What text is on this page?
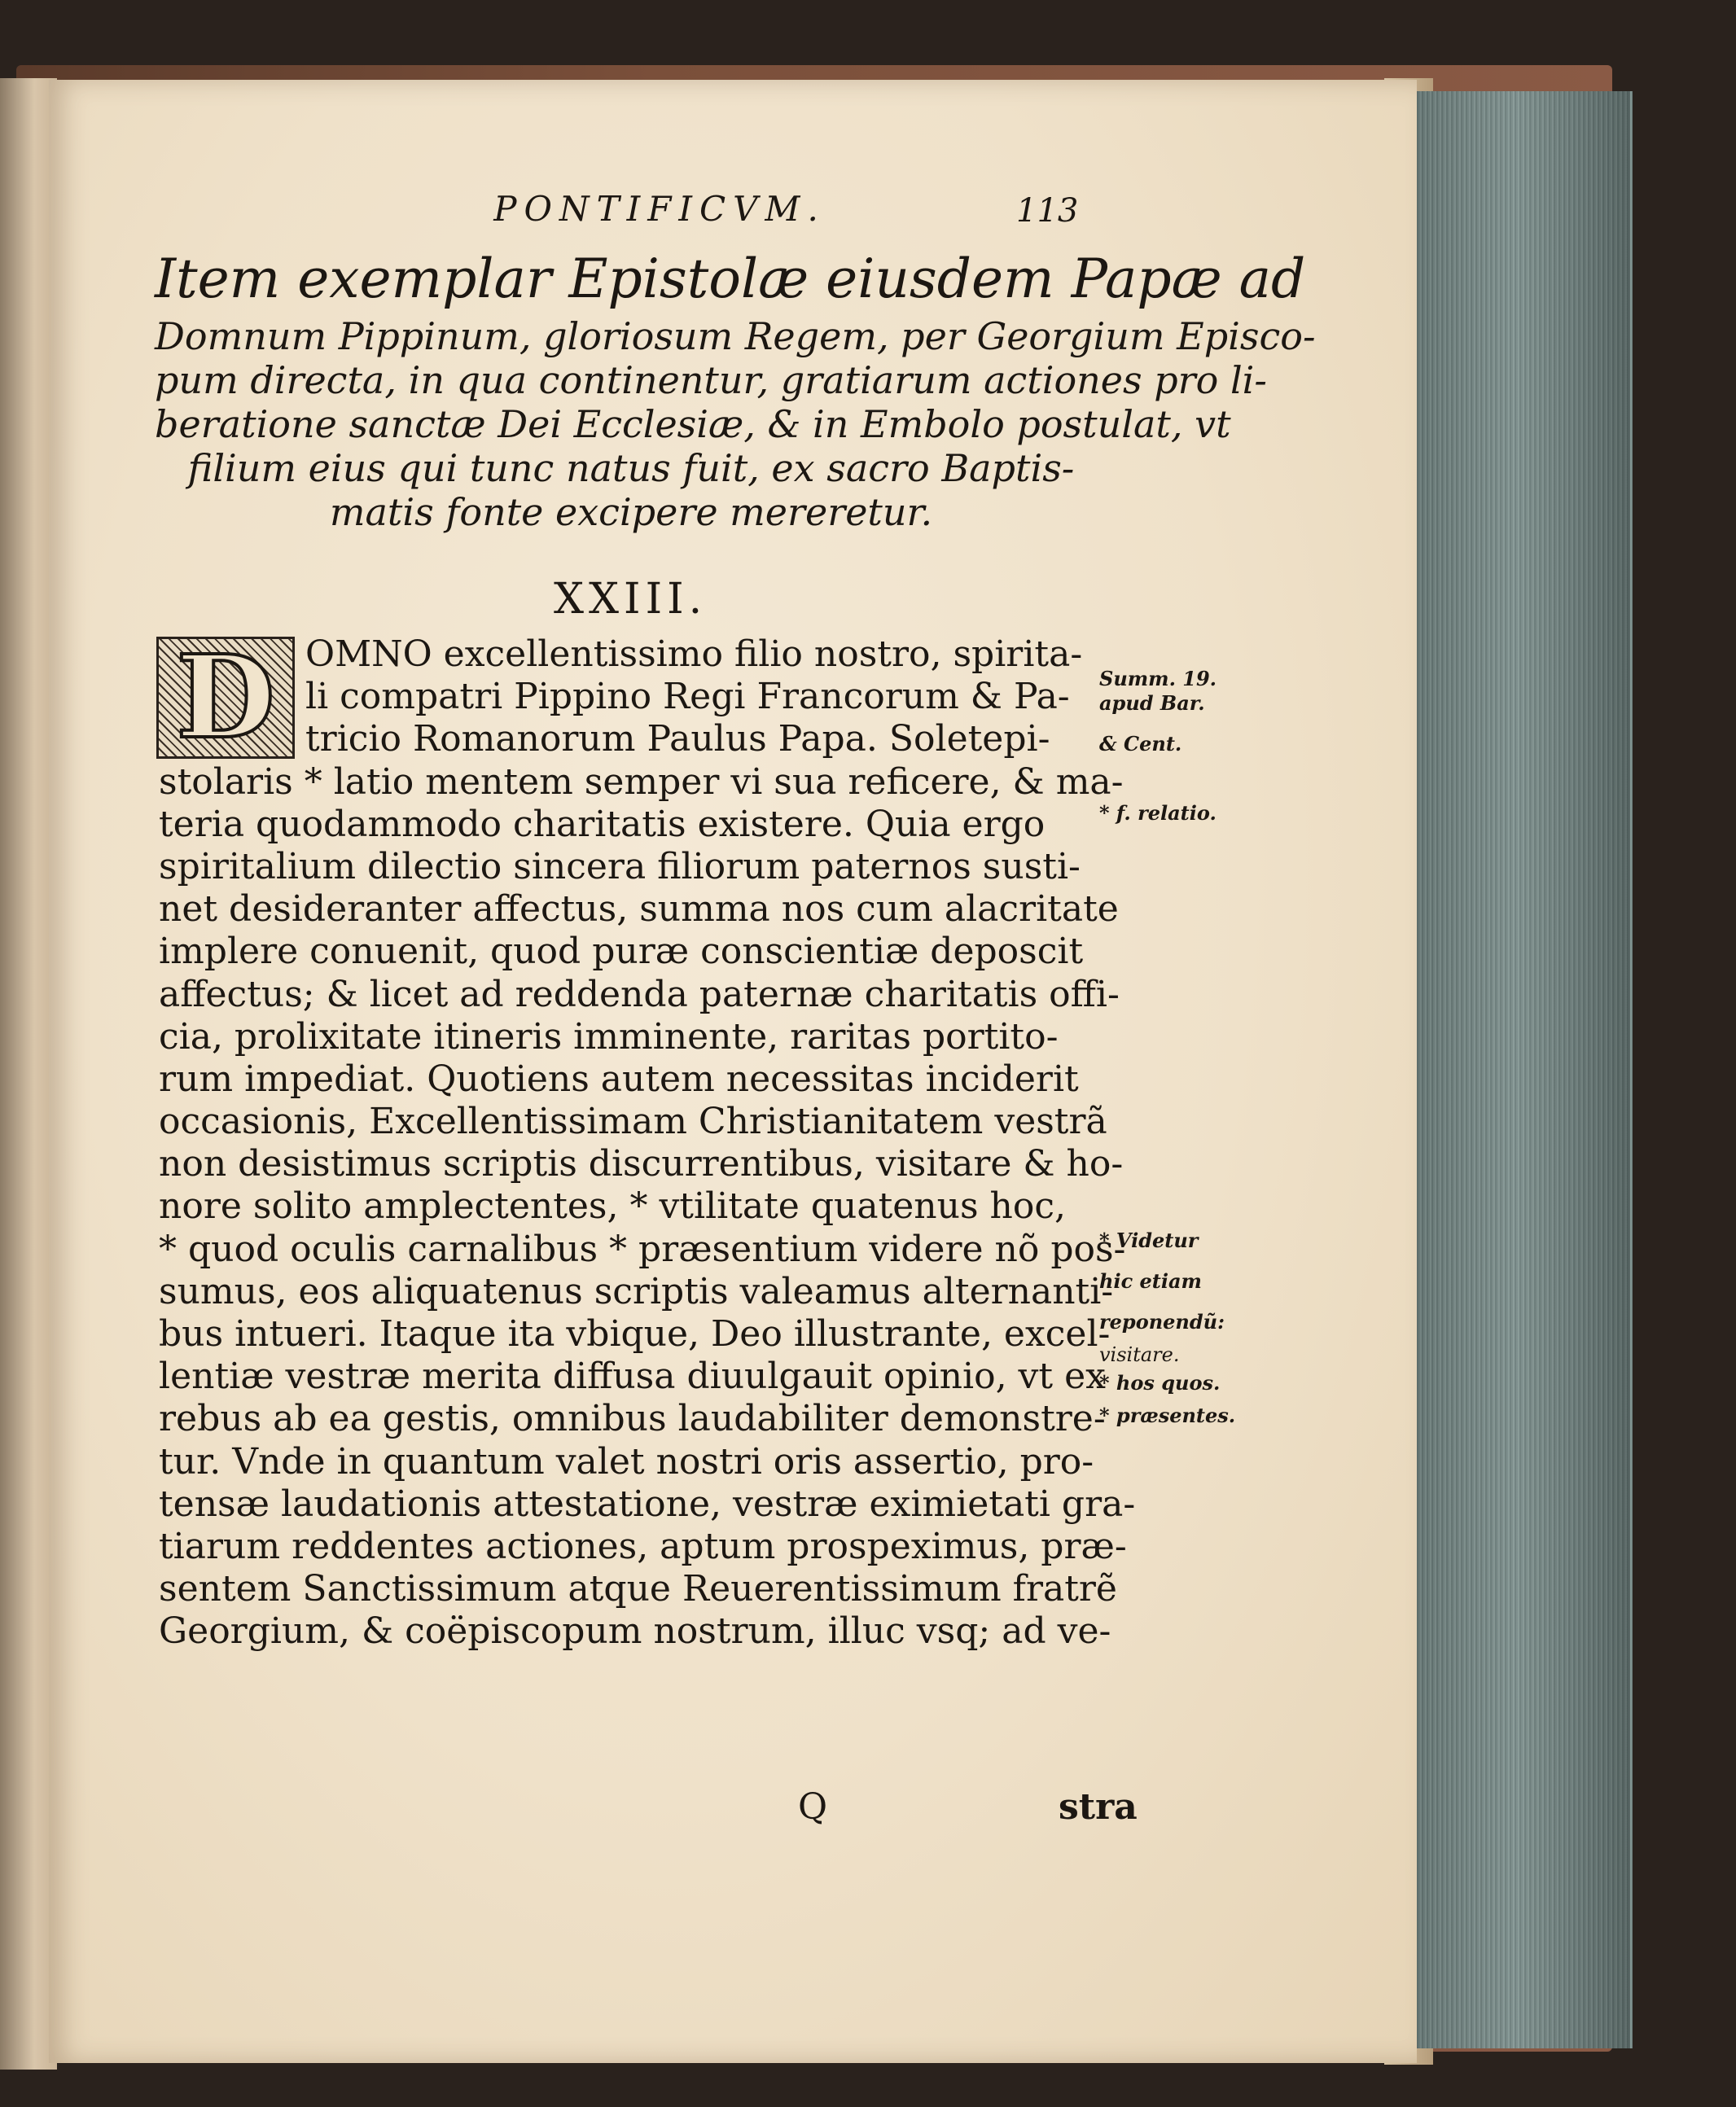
PONTIFICVM.	113
Item exemplar Epistolæ eiusdem Papæ ad
Domnum Pippinum, gloriosum Regem, per Georgium Episco-
pum directa, in qua continentur, gratiarum actiones pro li-
beratione sanctæ Dei Ecclesiæ, & in Embolo postulat, vt
filium eius qui tunc natus fuit, ex sacro Baptis-
matis fonte excipere mereretur.
XXIII.
D OMNO excellentissimo filio nostro, spirita-
li compatri Pippino Regi Francorum & Pa-
tricio Romanorum Paulus Papa. Soletepi-
stolaris * latio mentem semper vi sua reficere, & ma-
teria quodammodo charitatis existere. Quia ergo
spiritalium dilectio sincera filiorum paternos susti-
net desideranter affectus, summa nos cum alacritate
implere conuenit, quod puræ conscientiæ deposcit
affectus; & licet ad reddenda paternæ charitatis offi-
cia, prolixitate itineris imminente, raritas portito-
rum impediat. Quotiens autem necessitas inciderit
occasionis, Excellentissimam Christianitatem vestrã
non desistimus scriptis discurrentibus, visitare & ho-
nore solito amplectentes, * vtilitate quatenus hoc,
* quod oculis carnalibus * præsentium videre nõ pos-
sumus, eos aliquatenus scriptis valeamus alternanti-
bus intueri. Itaque ita vbique, Deo illustrante, excel-
lentiæ vestræ merita diffusa diuulgauit opinio, vt ex
rebus ab ea gestis, omnibus laudabiliter demonstre-
tur. Vnde in quantum valet nostri oris assertio, pro-
tensæ laudationis attestatione, vestræ eximietati gra-
tiarum reddentes actiones, aptum prospeximus, præ-
sentem Sanctissimum atque Reuerentissimum fratrẽ
Georgium, & coëpiscopum nostrum, illuc vsq; ad ve-
Q	stra
Summ. 19.
apud Bar.
& Cent.
* f. relatio.
* Videtur
hic etiam
reponendũ:
visitare.
* hos quos.
* præsentes.
